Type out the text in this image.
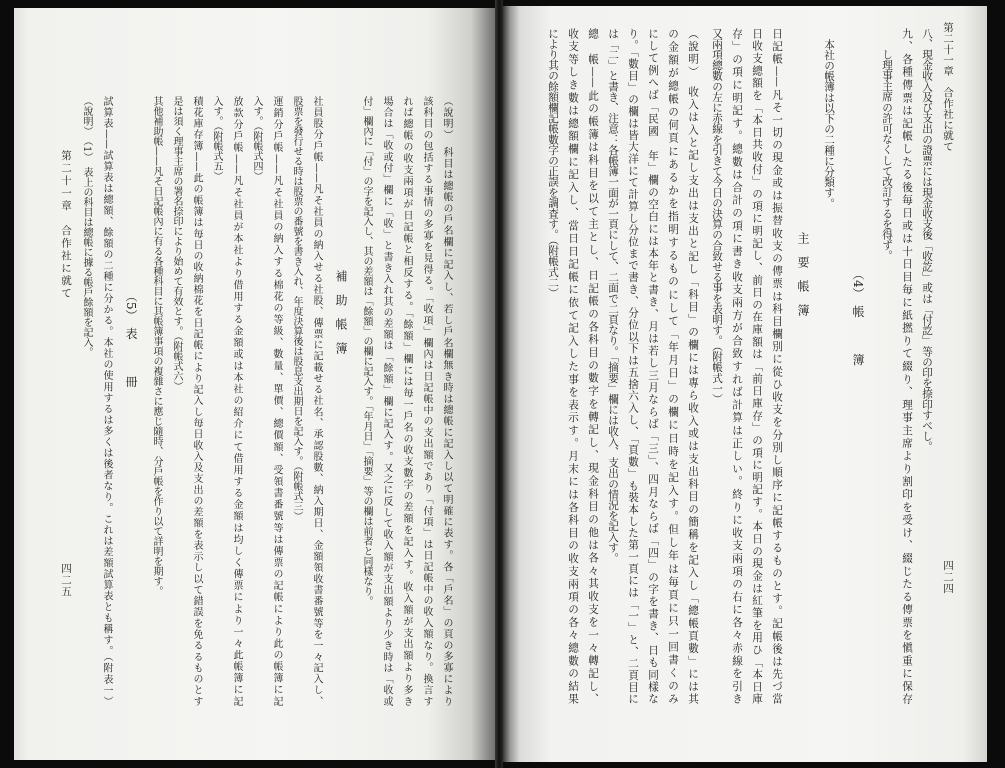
第二十一章　合作社に就て
四二五	（說明）　科目は總帳の戶名欄に記入し、若し戶名欄無き時は總帳に記入し以て明確に表す。各「戶名」の頁の多寡により
該科目の包括する事情の多寡を見得る。「收項」欄內は日記帳中の支出額であり「付項」は日記帳中の收入額なり。換言す
れば總帳の收支兩項が日記帳と相反する。「餘額」欄には毎一戶名の收支數字の差額を記入す。收入額が支出額より多き
場合は「收或付」欄に「收」と書き入れ其の差額は「餘額」欄に記入す。又之に反して收入額が支出額より少き時は「收或
付」欄內に「付」の字を記入し、其の差額は「餘額」の欄に記入す。「年月日」「摘要」等の欄は前者と同樣なり。
補　助　帳　簿
社員股分戶帳——凡そ社員の納入せる社股、傳票に記載せる社名、承認股數、納入期日、金額領收書番號等を一々記入し、
股票を發行せる時は股票の番號を書き入れ、年度決算後は股息支出期日を記入す。（附帳式三）
運銷分戶帳——凡そ社員の納入する棉花の等級、數量、單價、總價額、受領書番號等は傳票の記帳により此の帳簿に記
入す。（附帳式四）
放款分戶帳——凡そ社員が本社より借用する金額或は本社の紹介にて借用する金額は均しく傳票により一々此帳簿に記
入す。（附帳式五）
積花庫存簿——此の帳簿は毎日の收納棉花を日記帳により記入し毎日收入及支出の差額を表示し以て錯誤を免るるものとす
是は須く理事主席の署名捺印により始めて有效とす。（附帳式六）
其他補助帳——凡そ日記帳內に有る各種科目に其帳簿事項の複雜さに應じ隨時、分戶帳を作り以て詳明を期す。
（5）　表　　　冊
試算表——試算表は總額、餘額の二種に分かる。本社の使用するは多くは後者なり。これは差額試算表とも稱す。（附表一）
（說明）　（1）　表上の科目は總帳に據る帳戶餘額を記入。
第二十一章　合作社に就て
四二四
八、現金收入及び支出の證票には現金收支後「收訖」或は「付訖」等の印を捺印すべし。
九、各種傳票は記帳したる後毎日或は十日目毎に紙撚りて綴り、理事主席より割印を受け、綴じたる傳票を愼重に保存
し理事主席の許可なくして改訂するを得ず。
（4）　帳　　　簿
本社の帳簿は以下の二種に分類す。
主　要　帳　簿
日記帳——凡そ一切の現金或は振替收支の傳票は科目欄別に從ひ收支を分別し順序に記帳するものとす。記帳後は先づ當
日收支總額を「本日共收付」の項に明記し、前日の在庫額は「前日庫存」の項に明記す。本日の現金は紅筆を用ひ「本日庫
存」の項に明記す。總數は合計の項に書き收支兩方が合致すれば計算は正しい。終りに收支兩項の右に各々赤線を引き
又兩項總數の左に赤線を引きて今日の決算の合致せる事を表明す。（附帳式一）
（說明）　收入は入と記し支出は支出と記し「科目」の欄には專ら收入或は支出科目の簡稱を記入し「總帳頁數」には其
の金額が總帳の何頁にあるかを指明するものにして「年月日」の欄に日時を記入す。但し年は毎頁に只一回書くのみ
にして例へば「民國　年」欄の空白には本年と書き、月は若し三月ならば「三」、四月ならば「四」の字を書き、日も同樣な
り。「數目」の欄は皆大洋にて計算し分位まで書き、分位以下は五捨六入し、「頁數」も裝本した第一頁には「一」と、二頁目に
は「二」と書き、注意：各帳簿一面が一頁にして、二面で二頁なり。「摘要」欄には收入、支出の情況を記入す。
總　帳——此の帳簿は科目を以て主とし、日記帳の各科目の數字を轉記し、現金科目の他は各々其收支を一々轉記し、
收支等しき數は總額欄に記入し、當日日記帳に依て記入した事を表示す。月末には各科目の收支兩項の各々總數の結果
により其の餘額欄記帳數字の正誤を調査す。（附帳式二）
